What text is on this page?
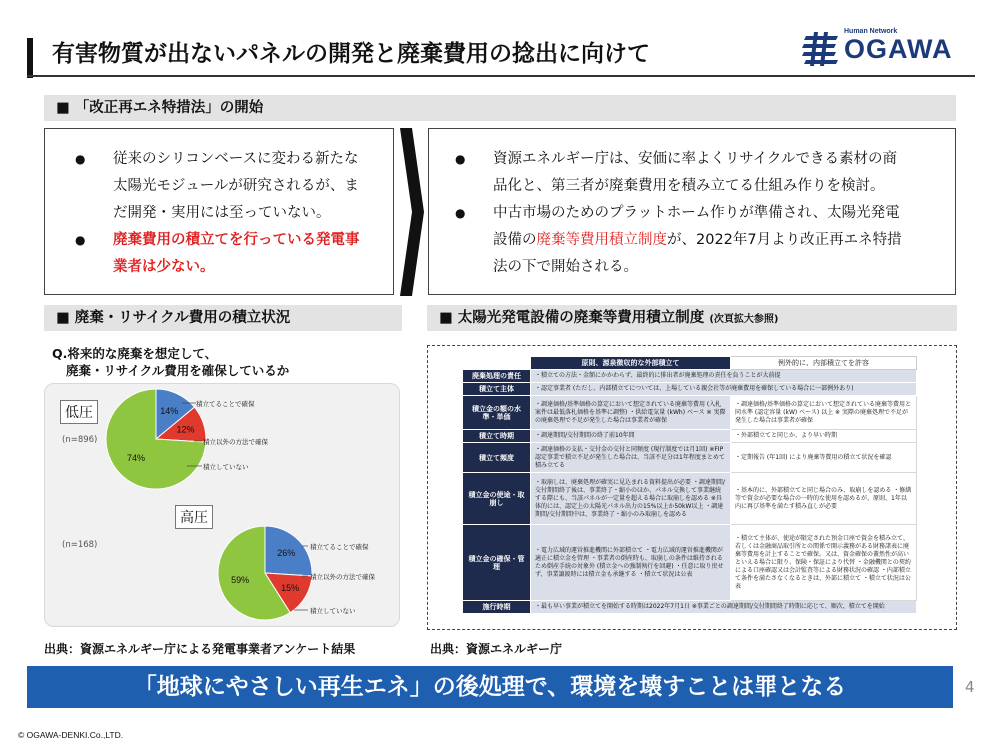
有害物質が出ないパネルの開発と廃棄費用の捻出に向けて
Human Network
OGAWA
■ 「改正再エネ特措法」の開始
●	従来のシリコンベースに変わる新たな
太陽光モジュールが研究されるが、ま
だ開発・実用には至っていない。
●	廃棄費用の積立てを行っている発電事
業者は少ない。
●	資源エネルギー庁は、安価に率よくリサイクルできる素材の商
品化と、第三者が廃棄費用を積み立てる仕組み作りを検討。
●	中古市場のためのプラットホーム作りが準備され、太陽光発電
設備の廃棄等費用積立制度が、2022年7月より改正再エネ特措
法の下で開始される。
■ 廃棄・リサイクル費用の積立状況
Q.将来的な廃棄を想定して、
廃棄・リサイクル費用を確保しているか
低圧
(n=896)
14%
12%
74%
26%
15%
59%
積立てることで確保
積立以外の方法で確保
積立していない
高圧
(n=168)	積立てることで確保
積立以外の方法で確保
積立していない
出典：資源エネルギー庁による発電事業者アンケート結果
■ 太陽光発電設備の廃棄等費用積立制度 (次頁拡大参照)
	原則、源泉徴収的な外部積立て	例外的に、内部積立てを許容
廃棄処理の責任	・積立ての方法・金額にかかわらず、最終的に排出者が廃棄処理の責任を負うことが大前提	
積立て主体	・認定事業者 (ただし、内部積立てについては、上場している親会社等が廃棄費用を確保している場合に一部例外あり)	
積立金の額の水準・単価	・調達価格/基準価格の算定において想定されている廃棄等費用 (入札案件は最低落札価格を基準に調整) ・供給電気量 (kWh) ベース ※ 実際の廃棄処理で不足が発生した場合は事業者が確保	・調達価格/基準価格の算定において想定されている廃棄等費用と同水準 (認定容量 (kW) ベース) 以上 ※ 実際の廃棄処理で不足が発生した場合は事業者が確保
積立て時期	・調達期間/交付期間の終了前10年間	・外部積立てと同じか、より早い時期
積立て頻度	・調達価格の支払・交付金の交付と同頻度 (現行制度では月1回) ※FIP認定事業で積立不足が発生した場合は、当該不足分は1年程度まとめて積み立てる	・定期報告 (年1回) により廃棄等費用の積立て状況を確認
積立金の使途・取崩し	・取崩しは、廃棄処理が確実に見込まれる資料提出が必要 ・調達期間/交付期間終了後は、事業終了・縮小のほか、パネル交換して事業継続する際にも、当該パネルが一定量を超える場合に取崩しを認める ※具体的には、認定上の太陽光パネル出力の15%以上か50kW以上 ・調達期間/交付期間中は、事業終了・縮小のみ取崩しを認める	・基本的に、外部積立てと同じ場合のみ、取崩しを認める ・修繕等で資金が必要な場合の一時的な使用を認めるが、原則、1年以内に再び基準を満たす積み直しが必要
積立金の確保・管理	・電力広域的運営推進機関に外部積立て ・電力広域的運営推進機関が適正に積立金を管理 ・事業者の倒産時も、取崩しの条件は維持されるため倒産手続の対象外 (積立金への強制執行を回避) ・任意に取り戻せず、事業譲渡時には積立金も承継する ・積立て状況は公表	・積立て主体が、使途が限定された預金口座で資金を積み立て、若しくは金融商品取引所との関係で開示義務がある財務諸表に廃棄等費用を計上することで確保。又は、資金確保の蓋然性が高いといえる場合に限り、保険・保証により代替 ・金融機関との契約による口座確認又は会計監査等による財務状況の確認 ・内部積立て条件を満たさなくなるときは、外部に積立て ・積立て状況は公表
施行時期	・最も早い事業が積立てを開始する時期は2022年7月1日 ※事業ごとの調達期間/交付期間終了時期に応じて、順次、積立てを開始	
出典：資源エネルギー庁
「地球にやさしい再生エネ」の後処理で、環境を壊すことは罪となる	4
© OGAWA-DENKI.Co.,LTD.
